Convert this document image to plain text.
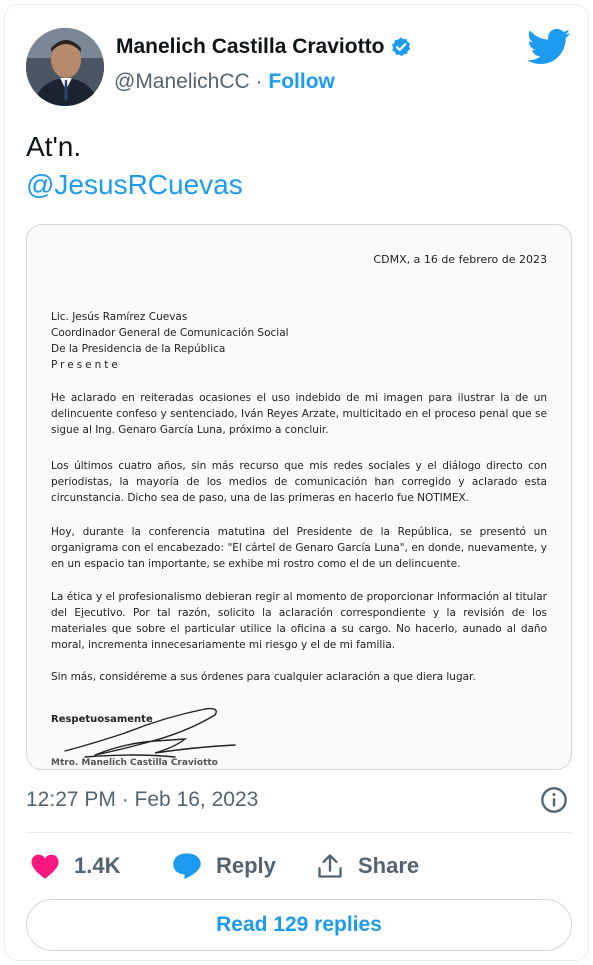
Manelich Castilla Craviotto
@ManelichCC · Follow
At'n.
@JesusRCuevas
CDMX, a 16 de febrero de 2023
Lic. Jesús Ramírez Cuevas
Coordinador General de Comunicación Social
De la Presidencia de la República
Presente

He aclarado en reiteradas ocasiones el uso indebido de mi imagen para ilustrar la de un delincuente confeso y sentenciado, Iván Reyes Arzate, multicitado en el proceso penal que se sigue al Ing. Genaro García Luna, próximo a concluir.

Los últimos cuatro años, sin más recurso que mis redes sociales y el diálogo directo con periodistas, la mayoría de los medios de comunicación han corregido y aclarado esta circunstancia. Dicho sea de paso, una de las primeras en hacerlo fue NOTIMEX.

Hoy, durante la conferencia matutina del Presidente de la República, se presentó un organigrama con el encabezado: "El cártel de Genaro García Luna", en donde, nuevamente, y en un espacio tan importante, se exhibe mi rostro como el de un delincuente.

La ética y el profesionalismo debieran regir al momento de proporcionar información al titular del Ejecutivo. Por tal razón, solicito la aclaración correspondiente y la revisión de los materiales que sobre el particular utilice la oficina a su cargo. No hacerlo, aunado al daño moral, incrementa innecesariamente mi riesgo y el de mi familia.

Sin más, considéreme a sus órdenes para cualquier aclaración a que diera lugar.

Respetuosamente
Mtro. Manelich Castilla Craviotto
12:27 PM · Feb 16, 2023
1.4K	Reply	Share
Read 129 replies
